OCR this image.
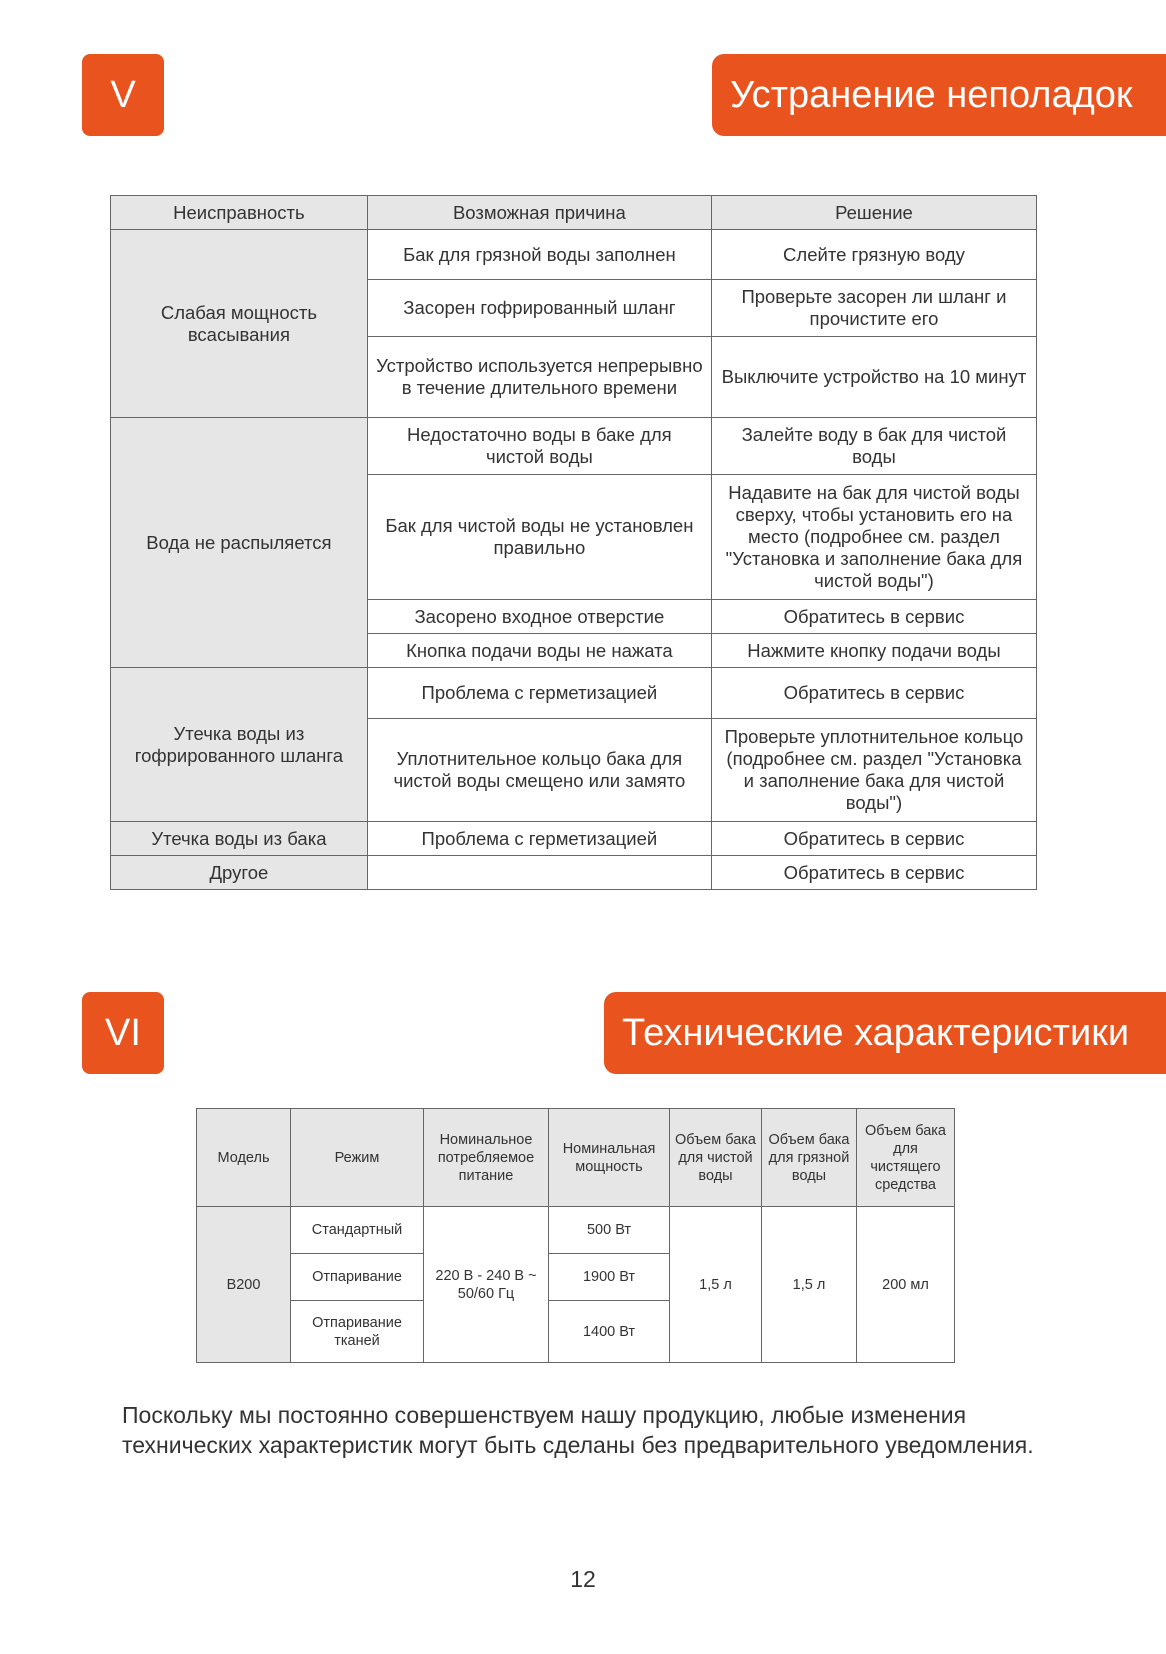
V	Устранение неполадок
Неисправность	Возможная причина	Решение
Слабая мощность всасывания	Бак для грязной воды заполнен	Слейте грязную воду
	Засорен гофрированный шланг	Проверьте засорен ли шланг и прочистите его
	Устройство используется непрерывно в течение длительного времени	Выключите устройство на 10 минут
Вода не распыляется	Недостаточно воды в баке для чистой воды	Залейте воду в бак для чистой воды
	Бак для чистой воды не установлен правильно	Надавите на бак для чистой воды сверху, чтобы установить его на место (подробнее см. раздел "Установка и заполнение бака для чистой воды")
	Засорено входное отверстие	Обратитесь в сервис
	Кнопка подачи воды не нажата	Нажмите кнопку подачи воды
Утечка воды из гофрированного шланга	Проблема с герметизацией	Обратитесь в сервис
	Уплотнительное кольцо бака для чистой воды смещено или замято	Проверьте уплотнительное кольцо (подробнее см. раздел "Установка и заполнение бака для чистой воды")
Утечка воды из бака	Проблема с герметизацией	Обратитесь в сервис
Другое		Обратитесь в сервис
VI	Технические характеристики
Модель	Режим	Номинальное потребляемое питание	Номинальная мощность	Объем бака для чистой воды	Объем бака для грязной воды	Объем бака для чистящего средства
B200	Стандартный	220 В - 240 В ~ 50/60 Гц	500 Вт	1,5 л	1,5 л	200 мл
	Отпаривание		1900 Вт			
	Отпаривание тканей		1400 Вт			
Поскольку мы постоянно совершенствуем нашу продукцию, любые изменения технических характеристик могут быть сделаны без предварительного уведомления.
12
